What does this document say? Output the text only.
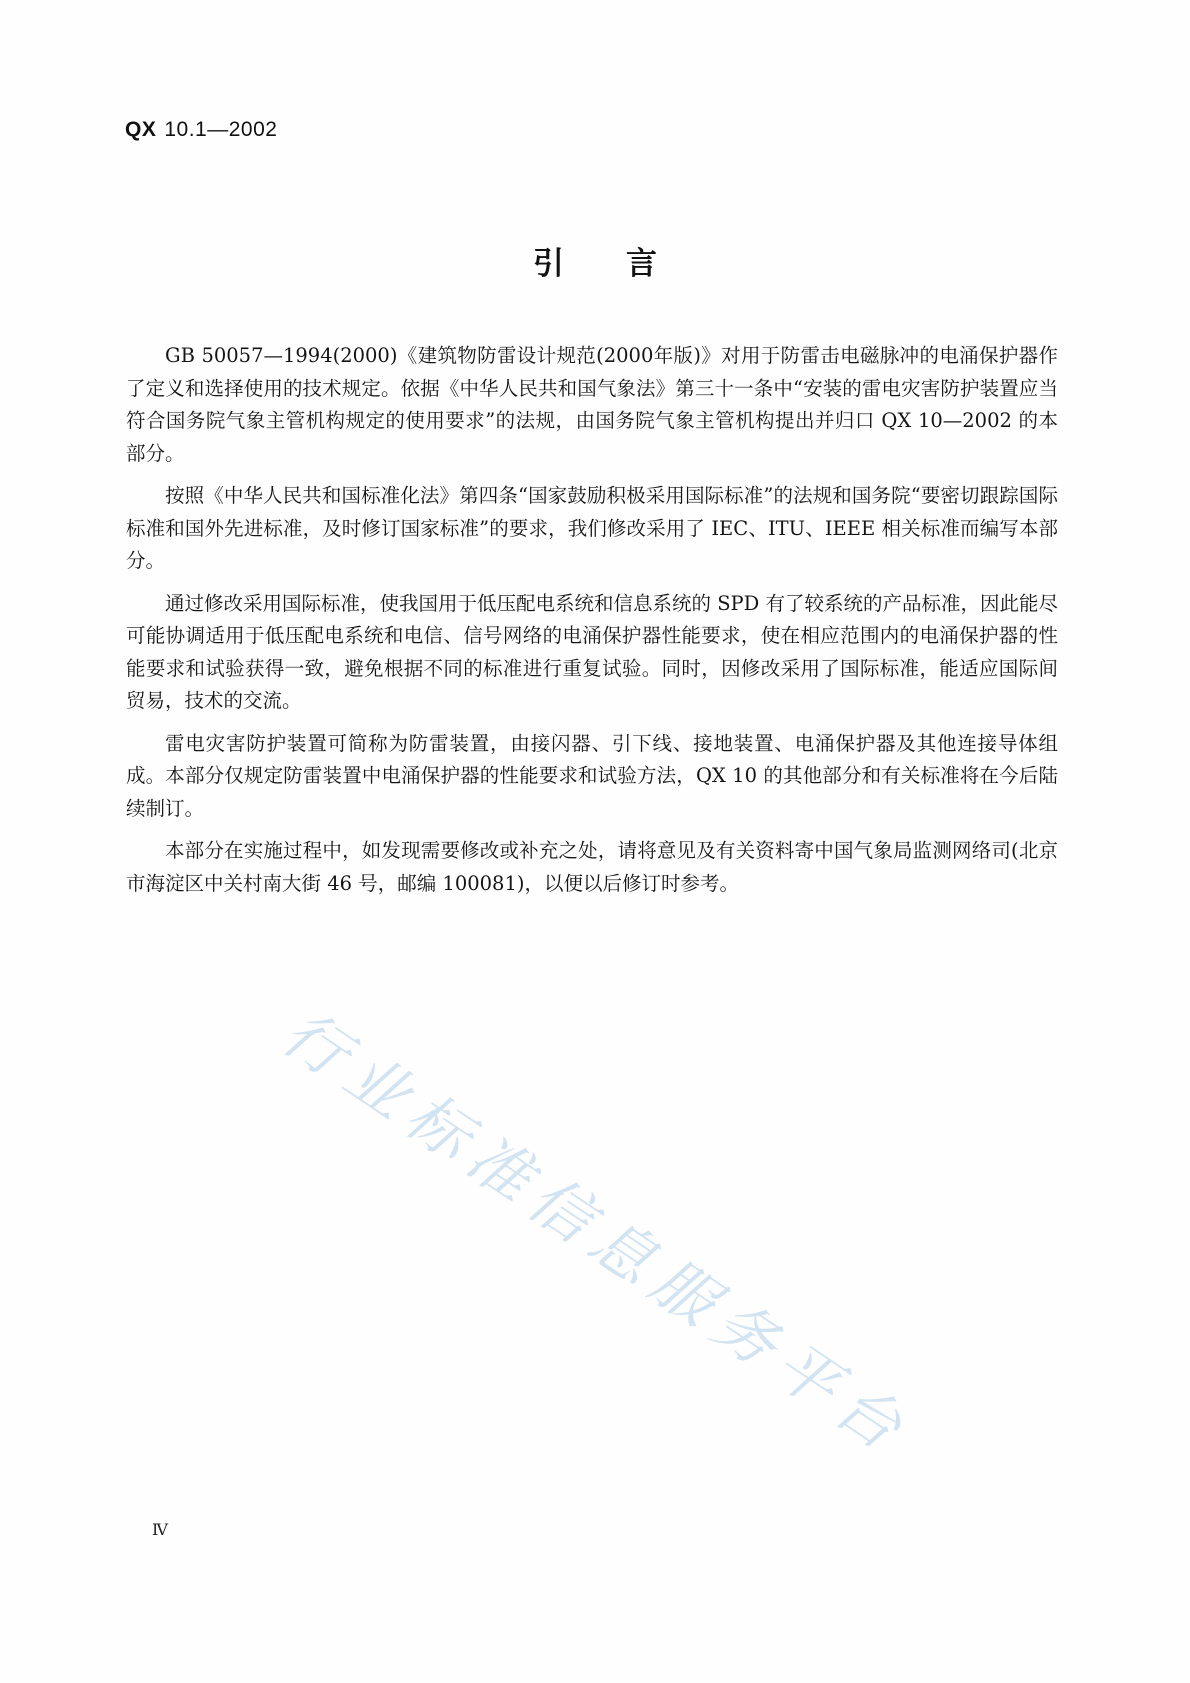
QX 10.1—2002
引言

GB 50057—1994(2000)《建筑物防雷设计规范(2000年版)》对用于防雷击电磁脉冲的电涌保护器作了定义和选择使用的技术规定。依据《中华人民共和国气象法》第三十一条中“安装的雷电灾害防护装置应当符合国务院气象主管机构规定的使用要求”的法规，由国务院气象主管机构提出并归口 QX 10—2002 的本部分。

按照《中华人民共和国标准化法》第四条“国家鼓励积极采用国际标准”的法规和国务院“要密切跟踪国际标准和国外先进标准，及时修订国家标准”的要求，我们修改采用了 IEC、ITU、IEEE 相关标准而编写本部分。

通过修改采用国际标准，使我国用于低压配电系统和信息系统的 SPD 有了较系统的产品标准，因此能尽可能协调适用于低压配电系统和电信、信号网络的电涌保护器性能要求，使在相应范围内的电涌保护器的性能要求和试验获得一致，避免根据不同的标准进行重复试验。同时，因修改采用了国际标准，能适应国际间贸易，技术的交流。

雷电灾害防护装置可简称为防雷装置，由接闪器、引下线、接地装置、电涌保护器及其他连接导体组成。本部分仅规定防雷装置中电涌保护器的性能要求和试验方法，QX 10 的其他部分和有关标准将在今后陆续制订。

本部分在实施过程中，如发现需要修改或补充之处，请将意见及有关资料寄中国气象局监测网络司(北京市海淀区中关村南大街 46 号，邮编 100081)，以便以后修订时参考。

行业标准信息服务平台
Ⅳ
